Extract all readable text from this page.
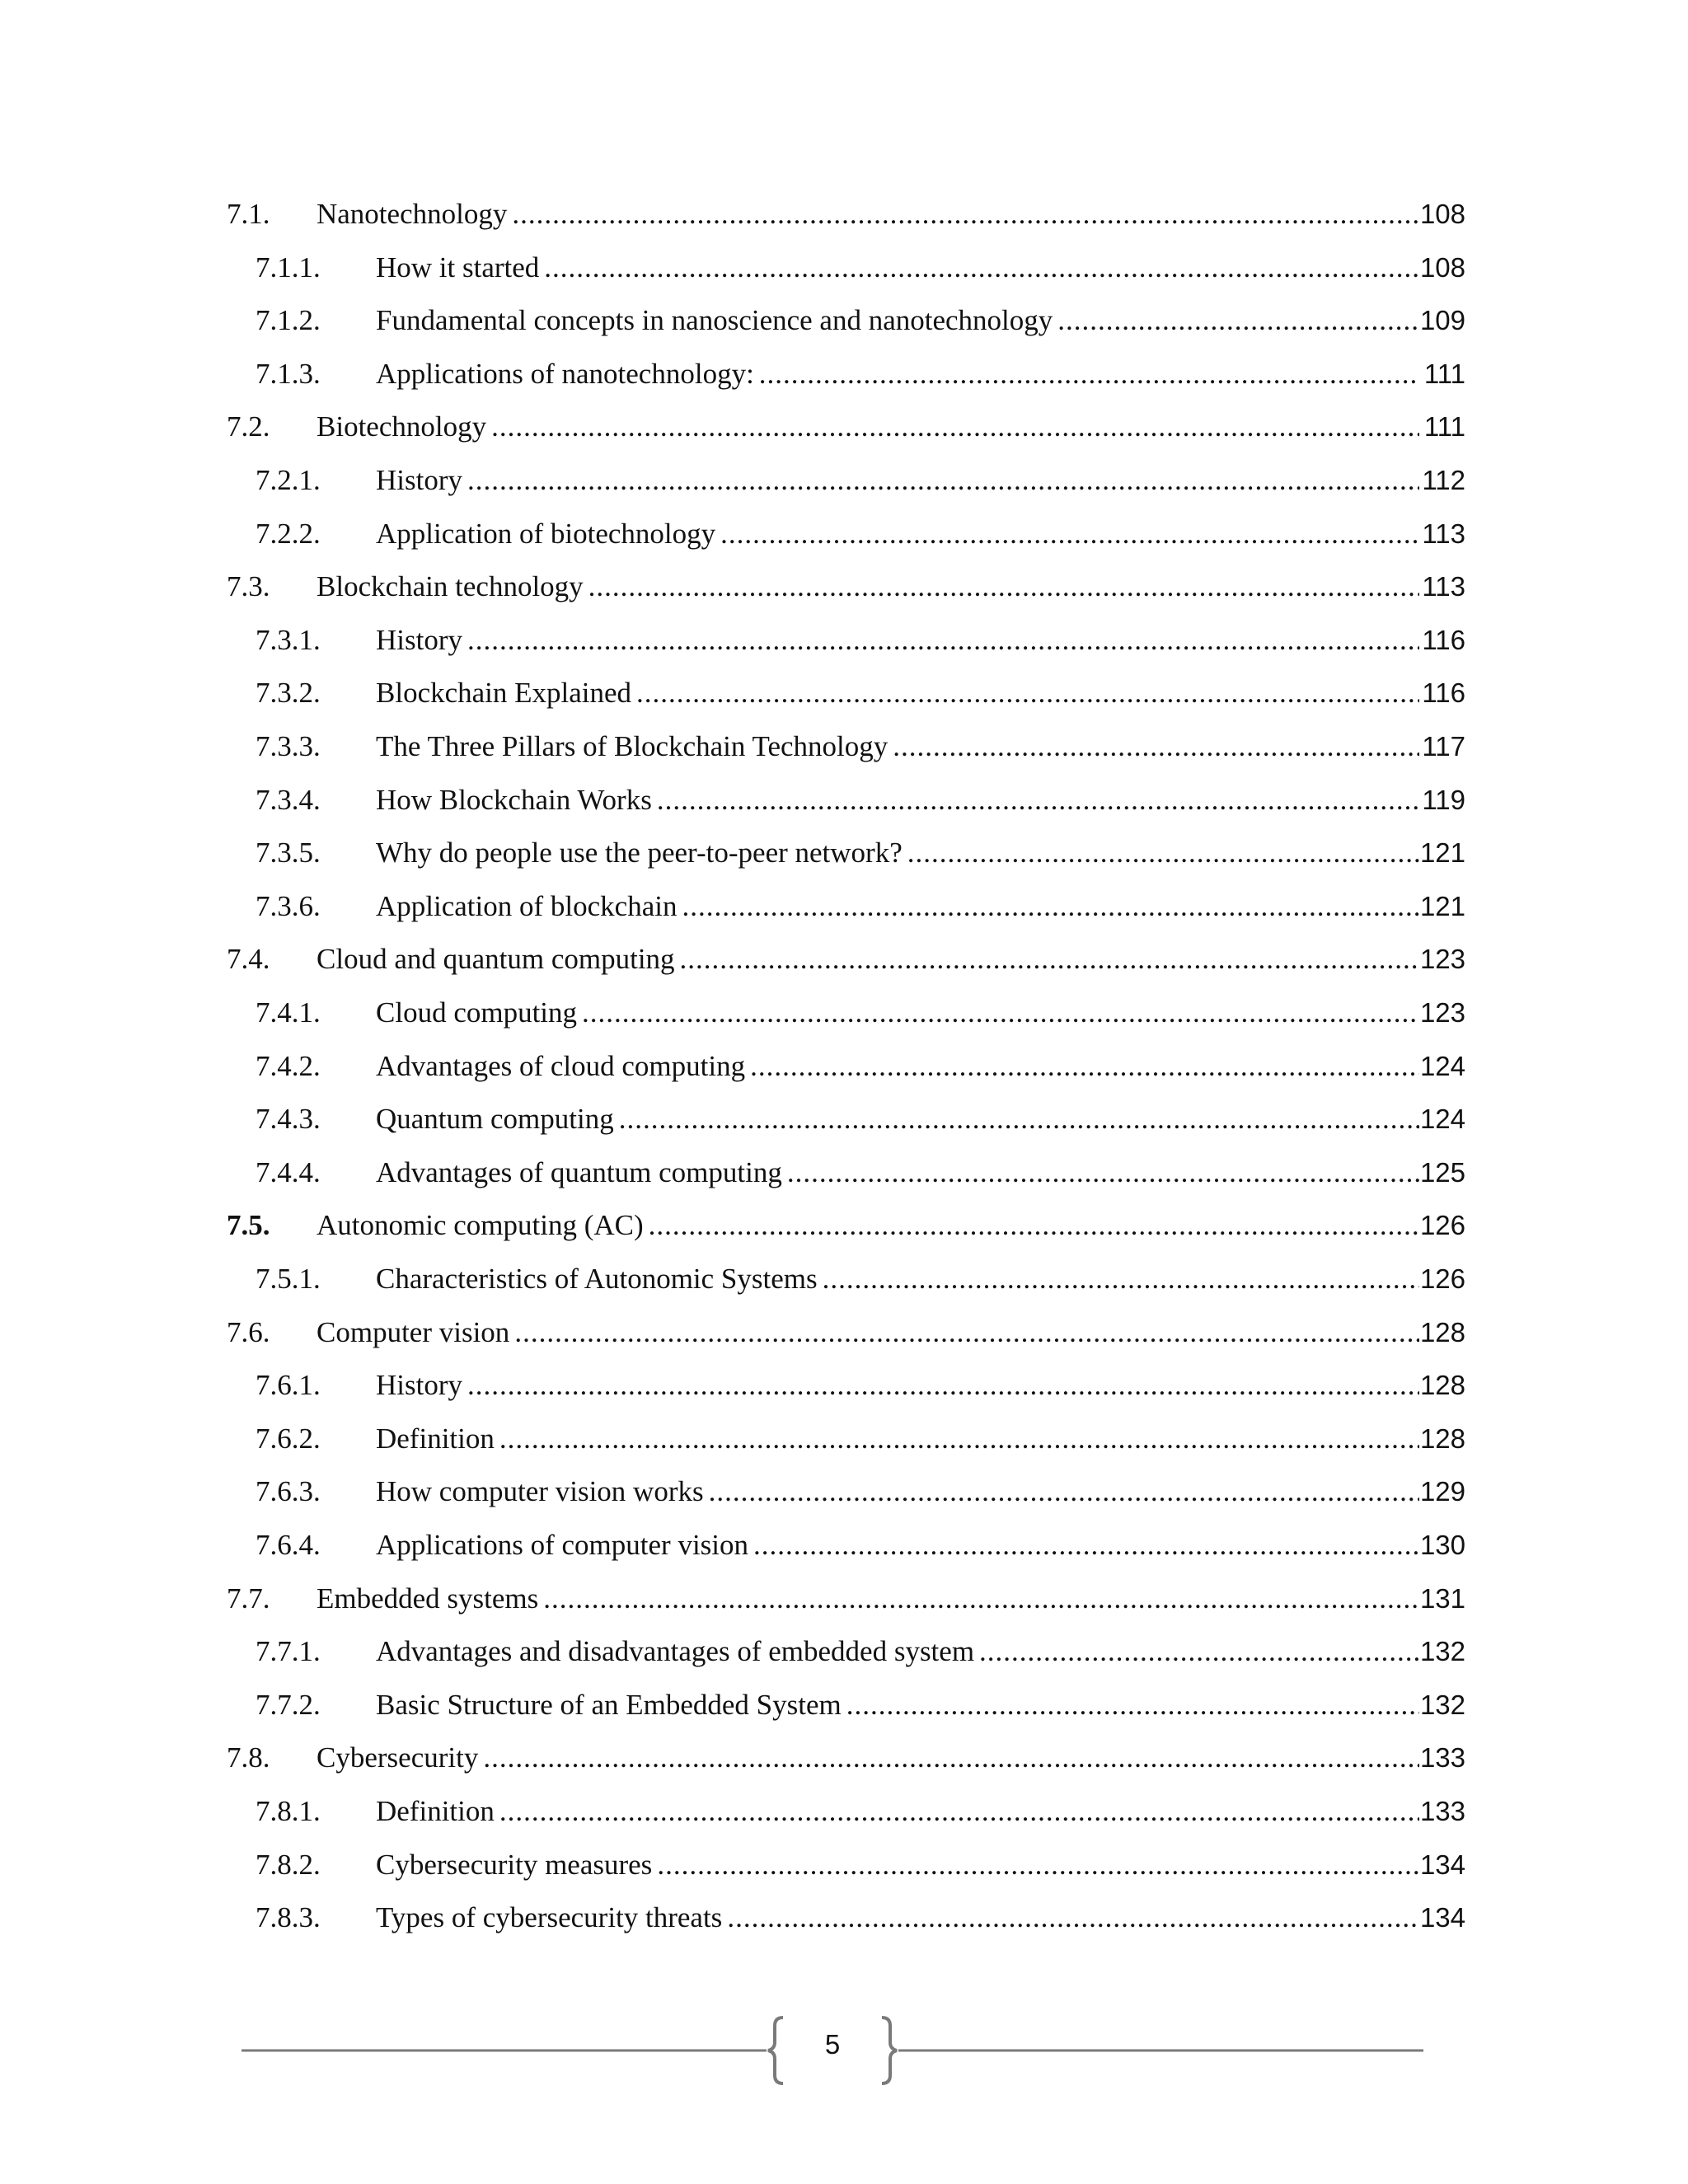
7.1. Nanotechnology .....	108
7.1.1. How it started .....	108
7.1.2. Fundamental concepts in nanoscience and nanotechnology .....	109
7.1.3. Applications of nanotechnology: .....	111
7.2. Biotechnology .....	111
7.2.1. History .....	112
7.2.2. Application of biotechnology .....	113
7.3. Blockchain technology .....	113
7.3.1. History .....	116
7.3.2. Blockchain Explained .....	116
7.3.3. The Three Pillars of Blockchain Technology .....	117
7.3.4. How Blockchain Works .....	119
7.3.5. Why do people use the peer-to-peer network? .....	121
7.3.6. Application of blockchain .....	121
7.4. Cloud and quantum computing .....	123
7.4.1. Cloud computing .....	123
7.4.2. Advantages of cloud computing .....	124
7.4.3. Quantum computing .....	124
7.4.4. Advantages of quantum computing .....	125
7.5. Autonomic computing (AC) .....	126
7.5.1. Characteristics of Autonomic Systems .....	126
7.6. Computer vision .....	128
7.6.1. History .....	128
7.6.2. Definition .....	128
7.6.3. How computer vision works .....	129
7.6.4. Applications of computer vision .....	130
7.7. Embedded systems .....	131
7.7.1. Advantages and disadvantages of embedded system .....	132
7.7.2. Basic Structure of an Embedded System .....	132
7.8. Cybersecurity .....	133
7.8.1. Definition .....	133
7.8.2. Cybersecurity measures .....	134
7.8.3. Types of cybersecurity threats .....	134
5
